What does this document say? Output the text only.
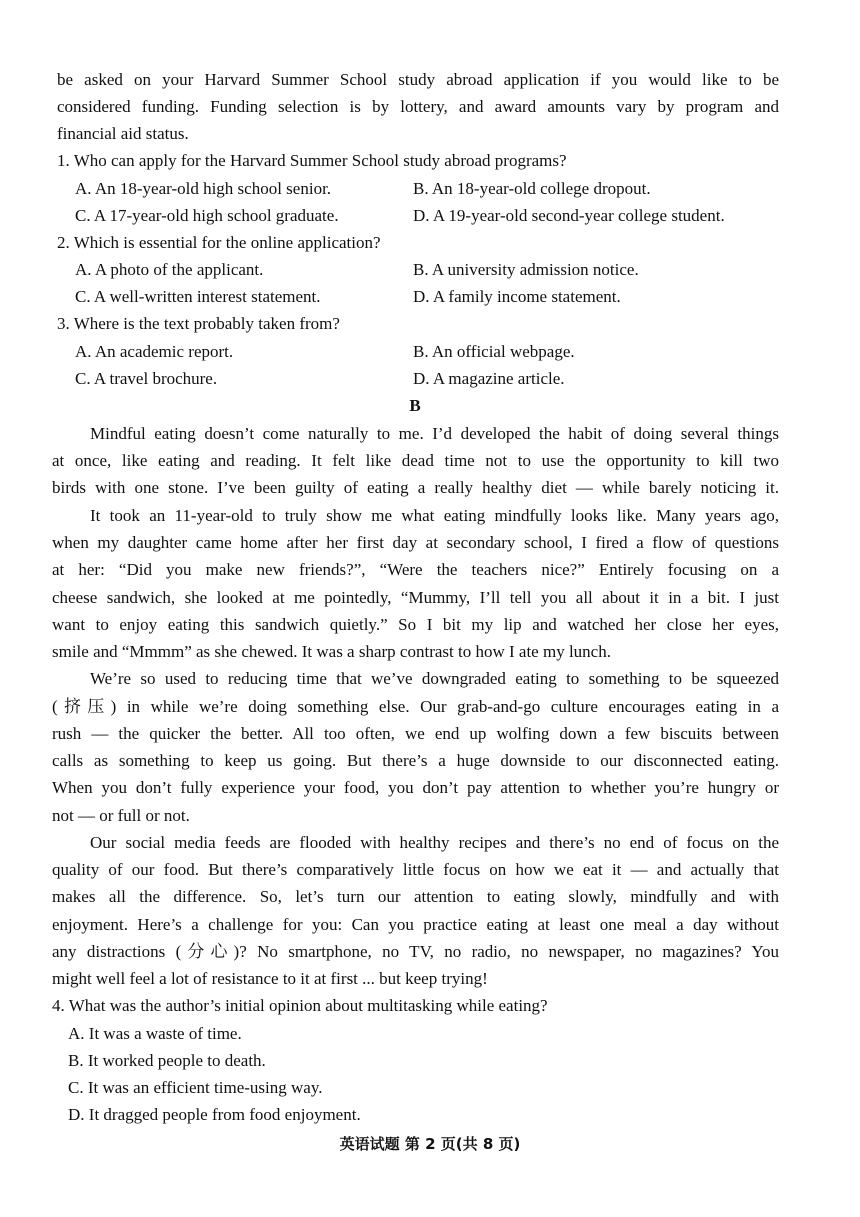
be asked on your Harvard Summer School study abroad application if you would like to be
considered funding. Funding selection is by lottery, and award amounts vary by program and
financial aid status.
1. Who can apply for the Harvard Summer School study abroad programs?
A. An 18-year-old high school senior.	B. An 18-year-old college dropout.
C. A 17-year-old high school graduate.	D. A 19-year-old second-year college student.
2. Which is essential for the online application?
A. A photo of the applicant.	B. A university admission notice.
C. A well-written interest statement.	D. A family income statement.
3. Where is the text probably taken from?
A. An academic report.	B. An official webpage.
C. A travel brochure.	D. A magazine article.
B
Mindful eating doesn’t come naturally to me. I’d developed the habit of doing several things
at once, like eating and reading. It felt like dead time not to use the opportunity to kill two
birds with one stone. I’ve been guilty of eating a really healthy diet — while barely noticing it.
It took an 11-year-old to truly show me what eating mindfully looks like. Many years ago,
when my daughter came home after her first day at secondary school, I fired a flow of questions
at her: “Did you make new friends?”, “Were the teachers nice?” Entirely focusing on a
cheese sandwich, she looked at me pointedly, “Mummy, I’ll tell you all about it in a bit. I just
want to enjoy eating this sandwich quietly.” So I bit my lip and watched her close her eyes,
smile and “Mmmm” as she chewed. It was a sharp contrast to how I ate my lunch.
We’re so used to reducing time that we’ve downgraded eating to something to be squeezed
(挤压) in while we’re doing something else. Our grab-and-go culture encourages eating in a
rush — the quicker the better. All too often, we end up wolfing down a few biscuits between
calls as something to keep us going. But there’s a huge downside to our disconnected eating.
When you don’t fully experience your food, you don’t pay attention to whether you’re hungry or
not — or full or not.
Our social media feeds are flooded with healthy recipes and there’s no end of focus on the
quality of our food. But there’s comparatively little focus on how we eat it — and actually that
makes all the difference. So, let’s turn our attention to eating slowly, mindfully and with
enjoyment. Here’s a challenge for you: Can you practice eating at least one meal a day without
any distractions (分心)? No smartphone, no TV, no radio, no newspaper, no magazines? You
might well feel a lot of resistance to it at first ... but keep trying!
4. What was the author’s initial opinion about multitasking while eating?
A. It was a waste of time.
B. It worked people to death.
C. It was an efficient time-using way.
D. It dragged people from food enjoyment.
英语试题 第 2 页(共 8 页)
